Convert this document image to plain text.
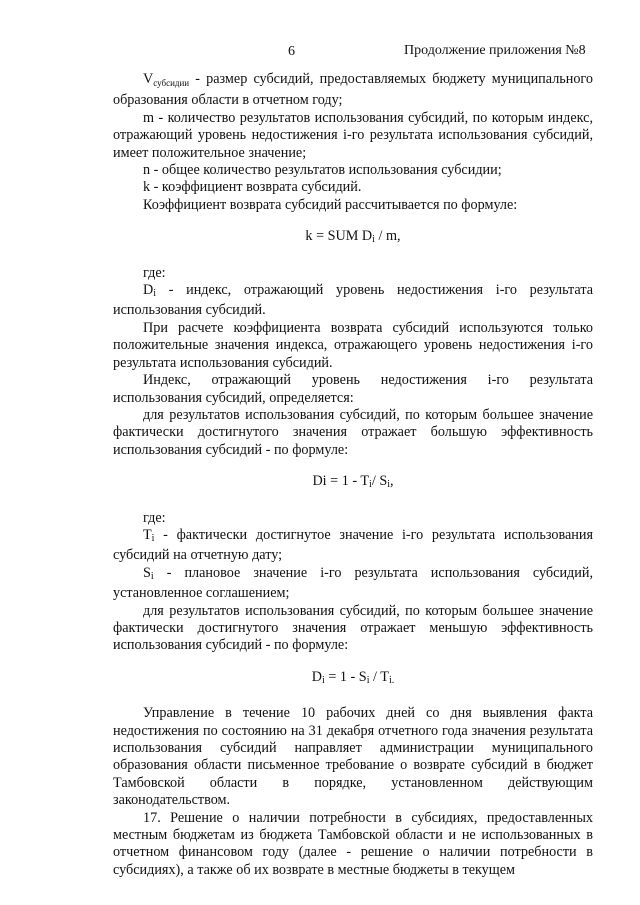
6	Продолжение приложения №8

$V_{субсидии}$ - размер субсидий, предоставляемых бюджету муниципального образования области в отчетном году;

m - количество результатов использования субсидий, по которым индекс, отражающий уровень недостижения i-го результата использования субсидий, имеет положительное значение;

n - общее количество результатов использования субсидии;

k - коэффициент возврата субсидий.

Коэффициент возврата субсидий рассчитывается по формуле:

k = SUM $D_i$ / m,

где:

$D_i$ - индекс, отражающий уровень недостижения i-го результата использования субсидий.

При расчете коэффициента возврата субсидий используются только положительные значения индекса, отражающего уровень недостижения i-го результата использования субсидий.

Индекс, отражающий уровень недостижения i-го результата использования субсидий, определяется:

для результатов использования субсидий, по которым большее значение фактически достигнутого значения отражает большую эффективность использования субсидий - по формуле:

$Di = 1 - T_i/$ $S_i$,

где:

$T_i$ - фактически достигнутое значение i-го результата использования субсидий на отчетную дату;

$S_i$ - плановое значение i-го результата использования субсидий, установленное соглашением;

для результатов использования субсидий, по которым большее значение фактически достигнутого значения отражает меньшую эффективность использования субсидий - по формуле:

$D_i = 1 - S_i / T_{i.}$

Управление в течение 10 рабочих дней со дня выявления факта недостижения по состоянию на 31 декабря отчетного года значения результата использования субсидий направляет администрации муниципального образования области письменное требование о возврате субсидий в бюджет Тамбовской области в порядке, установленном действующим законодательством.

17. Решение о наличии потребности в субсидиях, предоставленных местным бюджетам из бюджета Тамбовской области и не использованных в отчетном финансовом году (далее - решение о наличии потребности в субсидиях), а также об их возврате в местные бюджеты в текущем
